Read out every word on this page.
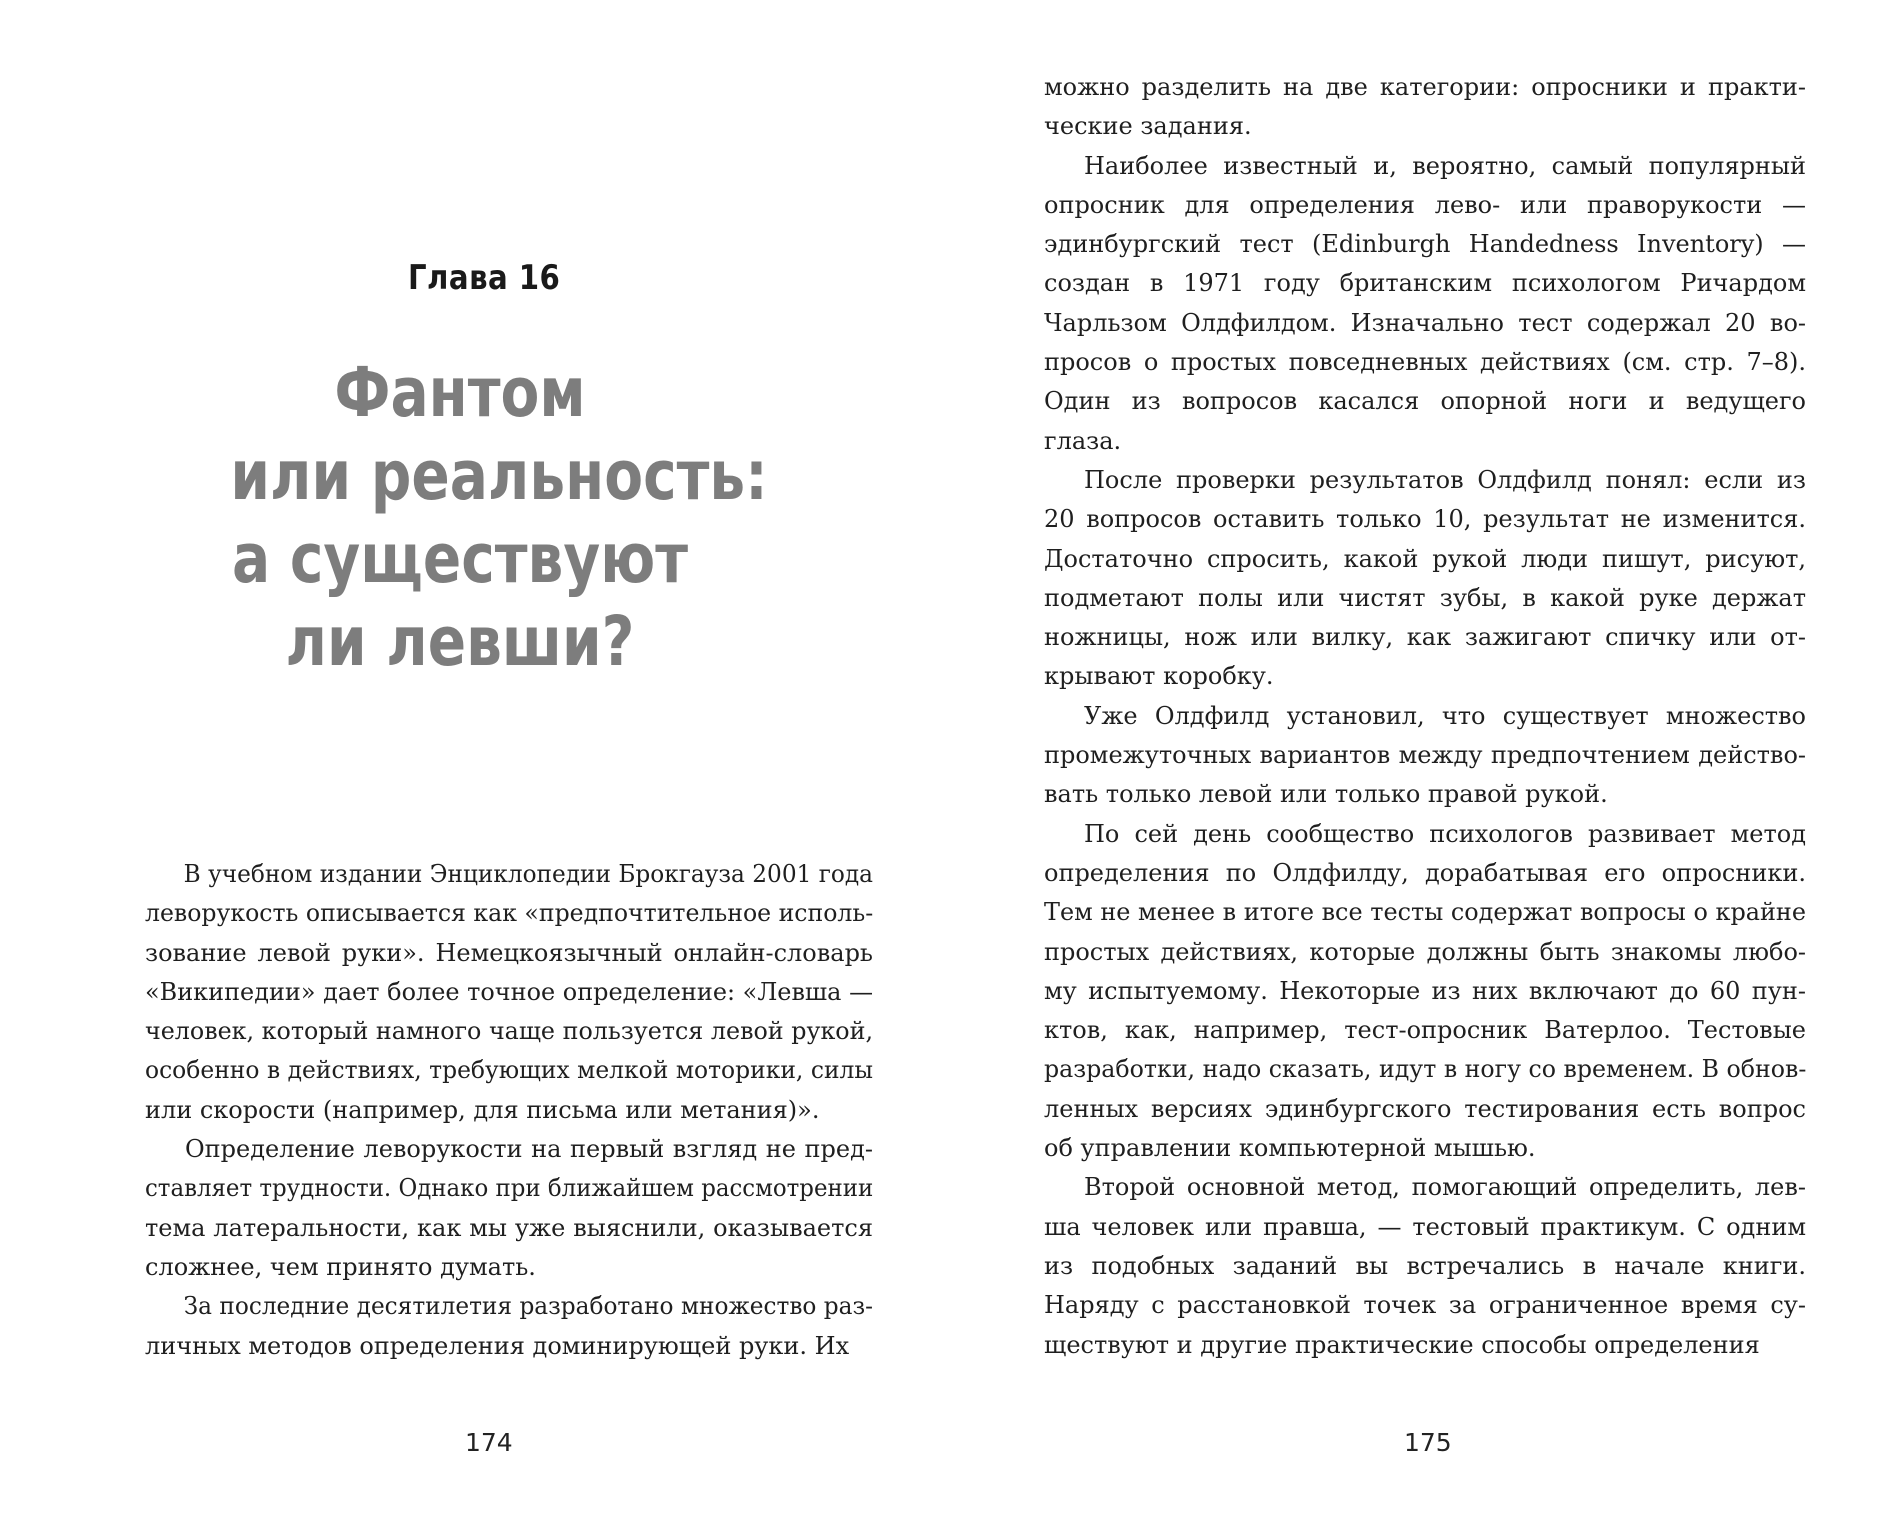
Глава 16
Фантом
или реальность:
а существуют
ли левши?
В учебном издании Энциклопедии Брокгауза 2001 года
леворукость описывается как «предпочтительное исполь-
зование левой руки». Немецкоязычный онлайн-словарь
«Википедии» дает более точное определение: «Левша —
человек, который намного чаще пользуется левой рукой,
особенно в действиях, требующих мелкой моторики, силы
или скорости (например, для письма или метания)».
Определение леворукости на первый взгляд не пред-
ставляет трудности. Однако при ближайшем рассмотрении
тема латеральности, как мы уже выяснили, оказывается
сложнее, чем принято думать.
За последние десятилетия разработано множество раз-
личных методов определения доминирующей руки. Их
174
можно разделить на две категории: опросники и практи-
ческие задания.
Наиболее известный и, вероятно, самый популярный
опросник для определения лево- или праворукости —
эдинбургский тест (Edinburgh Handedness Inventory) —
создан в 1971 году британским психологом Ричардом
Чарльзом Олдфилдом. Изначально тест содержал 20 во-
просов о простых повседневных действиях (см. стр. 7–8).
Один из вопросов касался опорной ноги и ведущего
глаза.
После проверки результатов Олдфилд понял: если из
20 вопросов оставить только 10, результат не изменится.
Достаточно спросить, какой рукой люди пишут, рисуют,
подметают полы или чистят зубы, в какой руке держат
ножницы, нож или вилку, как зажигают спичку или от-
крывают коробку.
Уже Олдфилд установил, что существует множество
промежуточных вариантов между предпочтением действо-
вать только левой или только правой рукой.
По сей день сообщество психологов развивает метод
определения по Олдфилду, дорабатывая его опросники.
Тем не менее в итоге все тесты содержат вопросы о крайне
простых действиях, которые должны быть знакомы любо-
му испытуемому. Некоторые из них включают до 60 пун-
ктов, как, например, тест-опросник Ватерлоо. Тестовые
разработки, надо сказать, идут в ногу со временем. В обнов-
ленных версиях эдинбургского тестирования есть вопрос
об управлении компьютерной мышью.
Второй основной метод, помогающий определить, лев-
ша человек или правша, — тестовый практикум. С одним
из подобных заданий вы встречались в начале книги.
Наряду с расстановкой точек за ограниченное время су-
ществуют и другие практические способы определения
175
